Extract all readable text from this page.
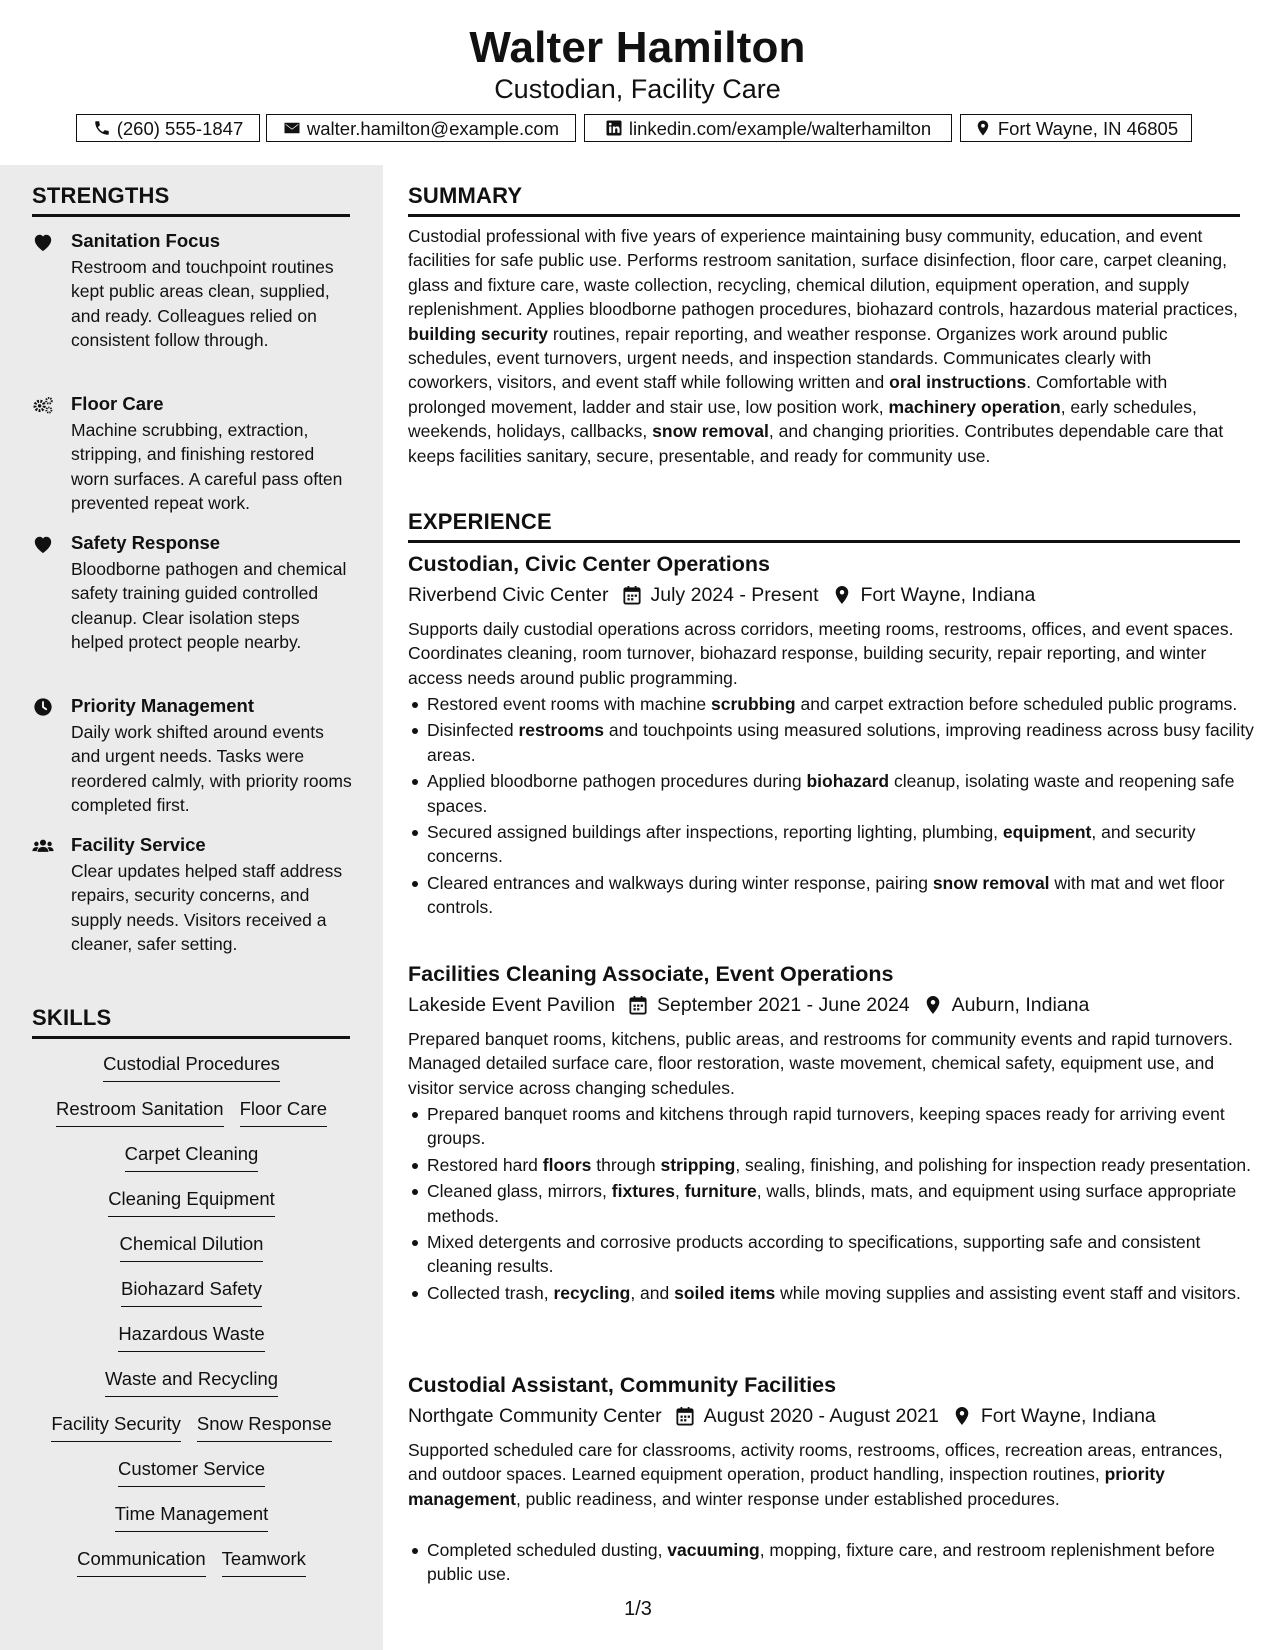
Walter Hamilton
Custodian, Facility Care
(260) 555-1847	walter.hamilton@example.com	linkedin.com/example/walterhamilton	Fort Wayne, IN 46805
STRENGTHS
Sanitation Focus
Restroom and touchpoint routines kept public areas clean, supplied, and ready. Colleagues relied on consistent follow through.
Floor Care
Machine scrubbing, extraction, stripping, and finishing restored worn surfaces. A careful pass often prevented repeat work.
Safety Response
Bloodborne pathogen and chemical safety training guided controlled cleanup. Clear isolation steps helped protect people nearby.
Priority Management
Daily work shifted around events and urgent needs. Tasks were reordered calmly, with priority rooms completed first.
Facility Service
Clear updates helped staff address repairs, security concerns, and supply needs. Visitors received a cleaner, safer setting.
SKILLS
Custodial Procedures
Restroom Sanitation Floor Care
Carpet Cleaning
Cleaning Equipment
Chemical Dilution
Biohazard Safety
Hazardous Waste
Waste and Recycling
Facility Security Snow Response
Customer Service
Time Management
Communication Teamwork
SUMMARY
Custodial professional with five years of experience maintaining busy community, education, and event facilities for safe public use. Performs restroom sanitation, surface disinfection, floor care, carpet cleaning, glass and fixture care, waste collection, recycling, chemical dilution, equipment operation, and supply replenishment. Applies bloodborne pathogen procedures, biohazard controls, hazardous material practices, building security routines, repair reporting, and weather response. Organizes work around public schedules, event turnovers, urgent needs, and inspection standards. Communicates clearly with coworkers, visitors, and event staff while following written and oral instructions. Comfortable with prolonged movement, ladder and stair use, low position work, machinery operation, early schedules, weekends, holidays, callbacks, snow removal, and changing priorities. Contributes dependable care that keeps facilities sanitary, secure, presentable, and ready for community use.
EXPERIENCE
Custodian, Civic Center Operations
Riverbend Civic Center July 2024 - Present Fort Wayne, Indiana
Supports daily custodial operations across corridors, meeting rooms, restrooms, offices, and event spaces. Coordinates cleaning, room turnover, biohazard response, building security, repair reporting, and winter access needs around public programming.
Restored event rooms with machine scrubbing and carpet extraction before scheduled public programs.
Disinfected restrooms and touchpoints using measured solutions, improving readiness across busy facility areas.
Applied bloodborne pathogen procedures during biohazard cleanup, isolating waste and reopening safe spaces.
Secured assigned buildings after inspections, reporting lighting, plumbing, equipment, and security concerns.
Cleared entrances and walkways during winter response, pairing snow removal with mat and wet floor controls.
Facilities Cleaning Associate, Event Operations
Lakeside Event Pavilion September 2021 - June 2024 Auburn, Indiana
Prepared banquet rooms, kitchens, public areas, and restrooms for community events and rapid turnovers. Managed detailed surface care, floor restoration, waste movement, chemical safety, equipment use, and visitor service across changing schedules.
Prepared banquet rooms and kitchens through rapid turnovers, keeping spaces ready for arriving event groups.
Restored hard floors through stripping, sealing, finishing, and polishing for inspection ready presentation.
Cleaned glass, mirrors, fixtures, furniture, walls, blinds, mats, and equipment using surface appropriate methods.
Mixed detergents and corrosive products according to specifications, supporting safe and consistent cleaning results.
Collected trash, recycling, and soiled items while moving supplies and assisting event staff and visitors.
Custodial Assistant, Community Facilities
Northgate Community Center August 2020 - August 2021 Fort Wayne, Indiana
Supported scheduled care for classrooms, activity rooms, restrooms, offices, recreation areas, entrances, and outdoor spaces. Learned equipment operation, product handling, inspection routines, priority management, public readiness, and winter response under established procedures.
Completed scheduled dusting, vacuuming, mopping, fixture care, and restroom replenishment before public use.
1/3
